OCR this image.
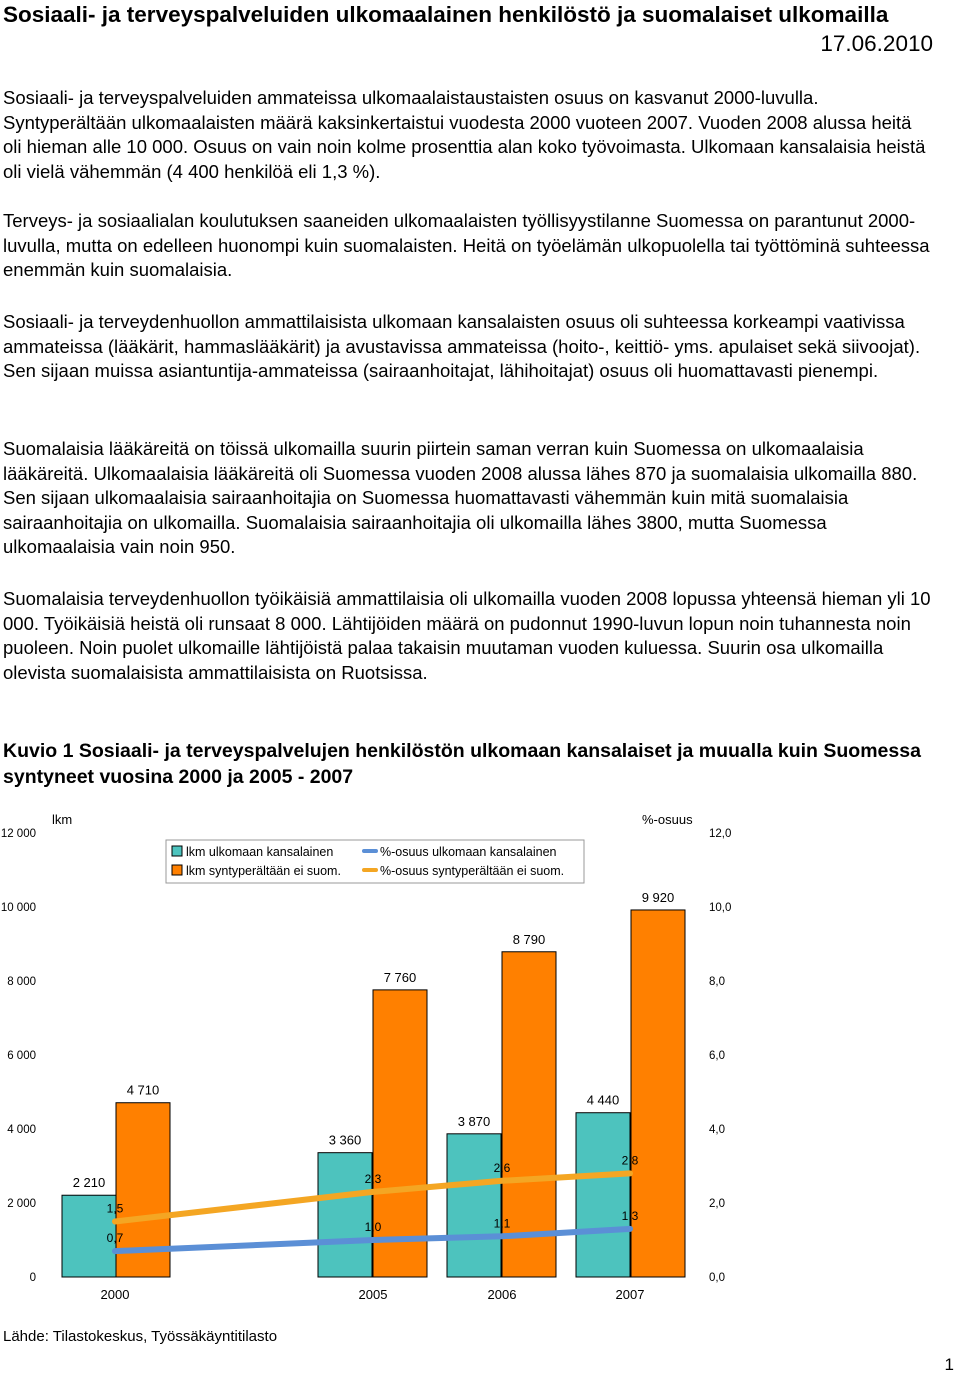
Sosiaali- ja terveyspalveluiden ulkomaalainen henkilöstö ja suomalaiset ulkomailla
17.06.2010

Sosiaali- ja terveyspalveluiden ammateissa ulkomaalaistaustaisten osuus on kasvanut 2000-luvulla. Syntyperältään ulkomaalaisten määrä kaksinkertaistui vuodesta 2000 vuoteen 2007. Vuoden 2008 alussa heitä oli hieman alle 10 000. Osuus on vain noin kolme prosenttia alan koko työvoimasta. Ulkomaan kansalaisia heistä oli vielä vähemmän (4 400 henkilöä eli 1,3 %).

Terveys- ja sosiaalialan koulutuksen saaneiden ulkomaalaisten työllisyystilanne Suomessa on parantunut 2000-luvulla, mutta on edelleen huonompi kuin suomalaisten. Heitä on työelämän ulkopuolella tai työttöminä suhteessa enemmän kuin suomalaisia.

Sosiaali- ja terveydenhuollon ammattilaisista ulkomaan kansalaisten osuus oli suhteessa korkeampi vaativissa ammateissa (lääkärit, hammaslääkärit) ja avustavissa ammateissa (hoito-, keittiö- yms. apulaiset sekä siivoojat). Sen sijaan muissa asiantuntija-ammateissa (sairaanhoitajat, lähihoitajat) osuus oli huomattavasti pienempi.

Suomalaisia lääkäreitä on töissä ulkomailla suurin piirtein saman verran kuin Suomessa on ulkomaalaisia lääkäreitä. Ulkomaalaisia lääkäreitä oli Suomessa vuoden 2008 alussa lähes 870 ja suomalaisia ulkomailla 880. Sen sijaan ulkomaalaisia sairaanhoitajia on Suomessa huomattavasti vähemmän kuin mitä suomalaisia sairaanhoitajia on ulkomailla. Suomalaisia sairaanhoitajia oli ulkomailla lähes 3800, mutta Suomessa ulkomaalaisia vain noin 950.

Suomalaisia terveydenhuollon työikäisiä ammattilaisia oli ulkomailla vuoden 2008 lopussa yhteensä hieman yli 10 000. Työikäisiä heistä oli runsaat 8 000. Lähtijöiden määrä on pudonnut 1990-luvun lopun noin tuhannesta noin puoleen. Noin puolet ulkomaille lähtijöistä palaa takaisin muutaman vuoden kuluessa. Suurin osa ulkomailla olevista suomalaisista ammattilaisista on Ruotsissa.

Kuvio 1 Sosiaali- ja terveyspalvelujen henkilöstön ulkomaan kansalaiset ja muualla kuin Suomessa syntyneet vuosina 2000 ja 2005 - 2007

lkm	%-osuus
0
2 000
4 000
6 000
8 000
10 000
12 000
0,0
2,0
4,0
6,0
8,0
10,0
12,0
2000	2005	2006	2007
2 210
3 360
3 870
4 440
4 710
7 760
8 790
9 920
0,7
1,0	1,1
1,3
1,5
2,3
2,6
2,8
lkm ulkomaan kansalainen
lkm syntyperältään ei suom.
%-osuus ulkomaan kansalainen
%-osuus syntyperältään ei suom.

Lähde: Tilastokeskus, Työssäkäyntitilasto

1
